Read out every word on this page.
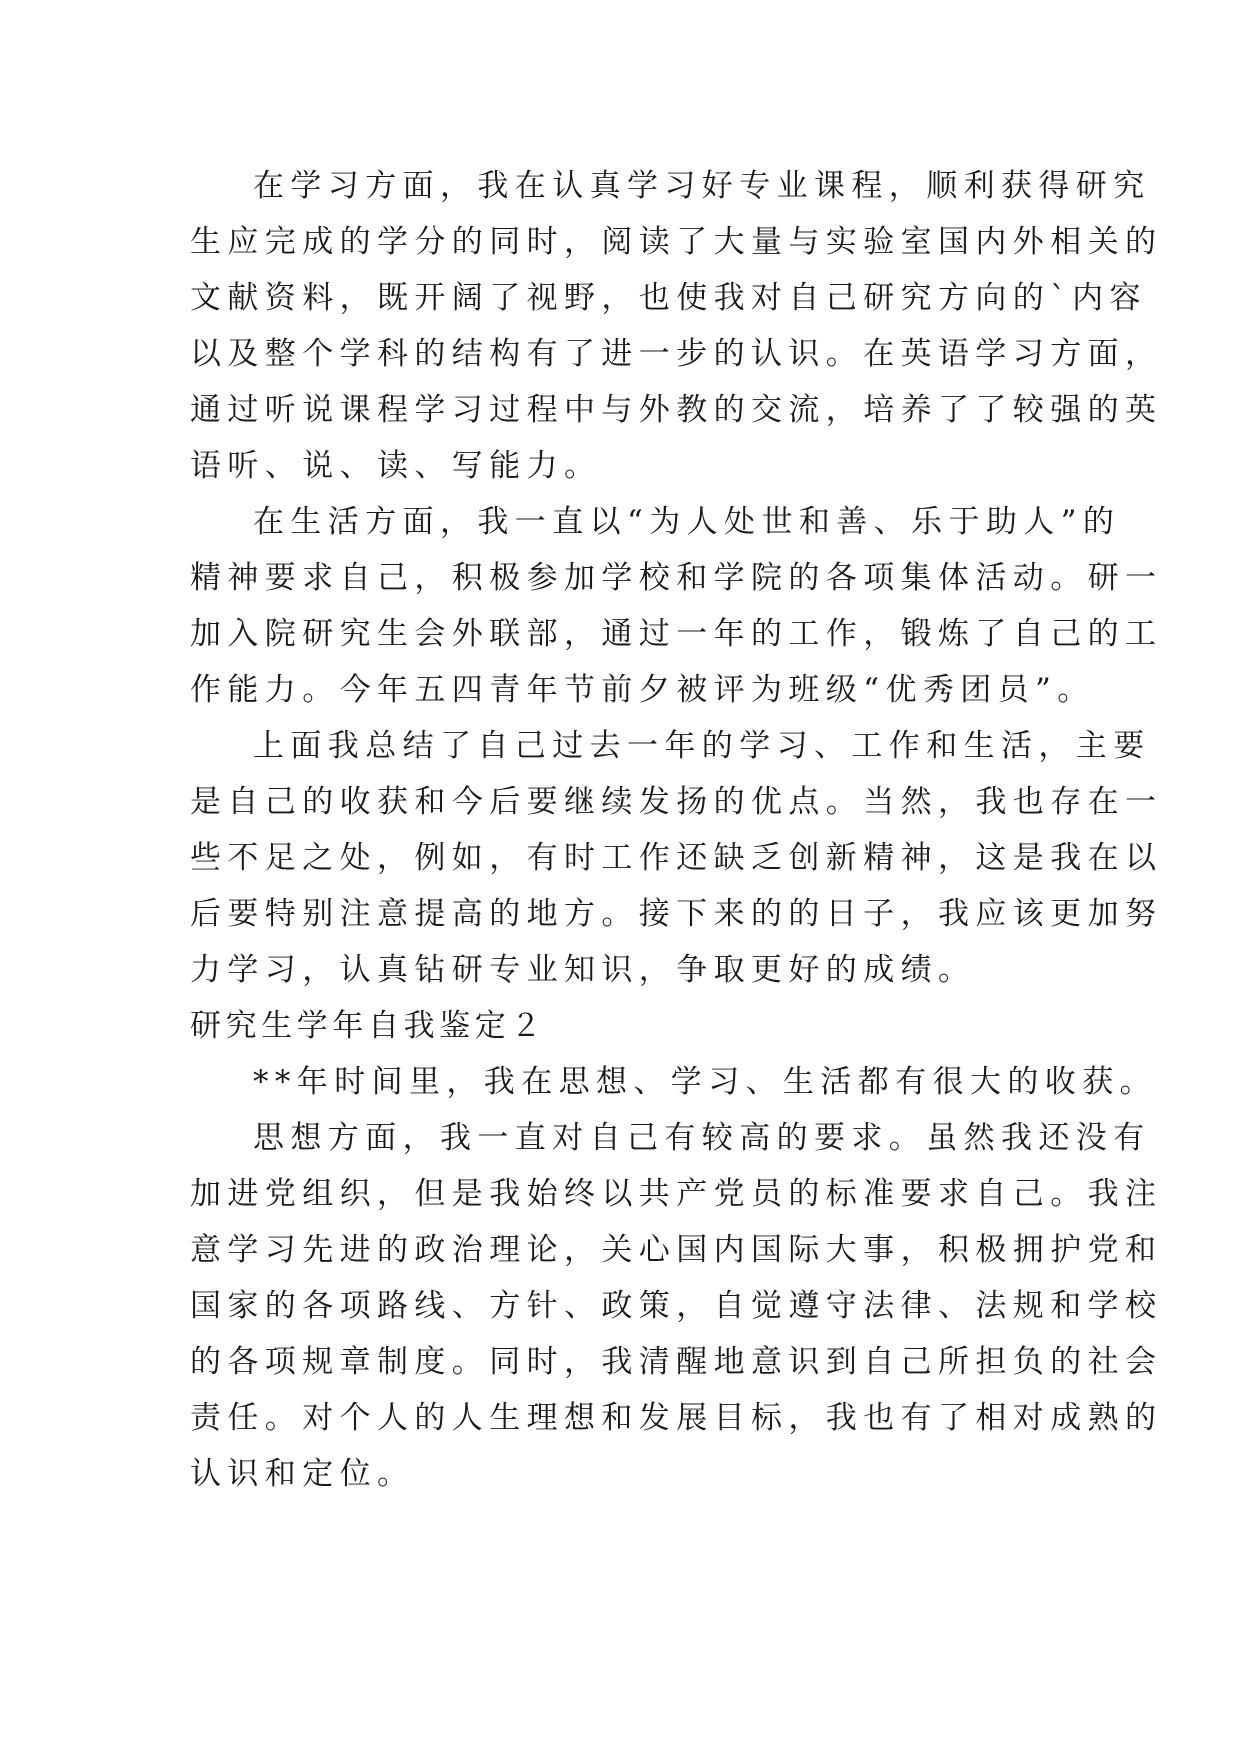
在学习方面，我在认真学习好专业课程，顺利获得研究
生应完成的学分的同时，阅读了大量与实验室国内外相关的
文献资料，既开阔了视野，也使我对自己研究方向的`内容
以及整个学科的结构有了进一步的认识。在英语学习方面，
通过听说课程学习过程中与外教的交流，培养了了较强的英
语听、说、读、写能力。
在生活方面，我一直以“为人处世和善、乐于助人”的
精神要求自己，积极参加学校和学院的各项集体活动。研一
加入院研究生会外联部，通过一年的工作，锻炼了自己的工
作能力。今年五四青年节前夕被评为班级“优秀团员”。
上面我总结了自己过去一年的学习、工作和生活，主要
是自己的收获和今后要继续发扬的优点。当然，我也存在一
些不足之处，例如，有时工作还缺乏创新精神，这是我在以
后要特别注意提高的地方。接下来的的日子，我应该更加努
力学习，认真钻研专业知识，争取更好的成绩。
研究生学年自我鉴定２
**年时间里，我在思想、学习、生活都有很大的收获。
思想方面，我一直对自己有较高的要求。虽然我还没有
加进党组织，但是我始终以共产党员的标准要求自己。我注
意学习先进的政治理论，关心国内国际大事，积极拥护党和
国家的各项路线、方针、政策，自觉遵守法律、法规和学校
的各项规章制度。同时，我清醒地意识到自己所担负的社会
责任。对个人的人生理想和发展目标，我也有了相对成熟的
认识和定位。
